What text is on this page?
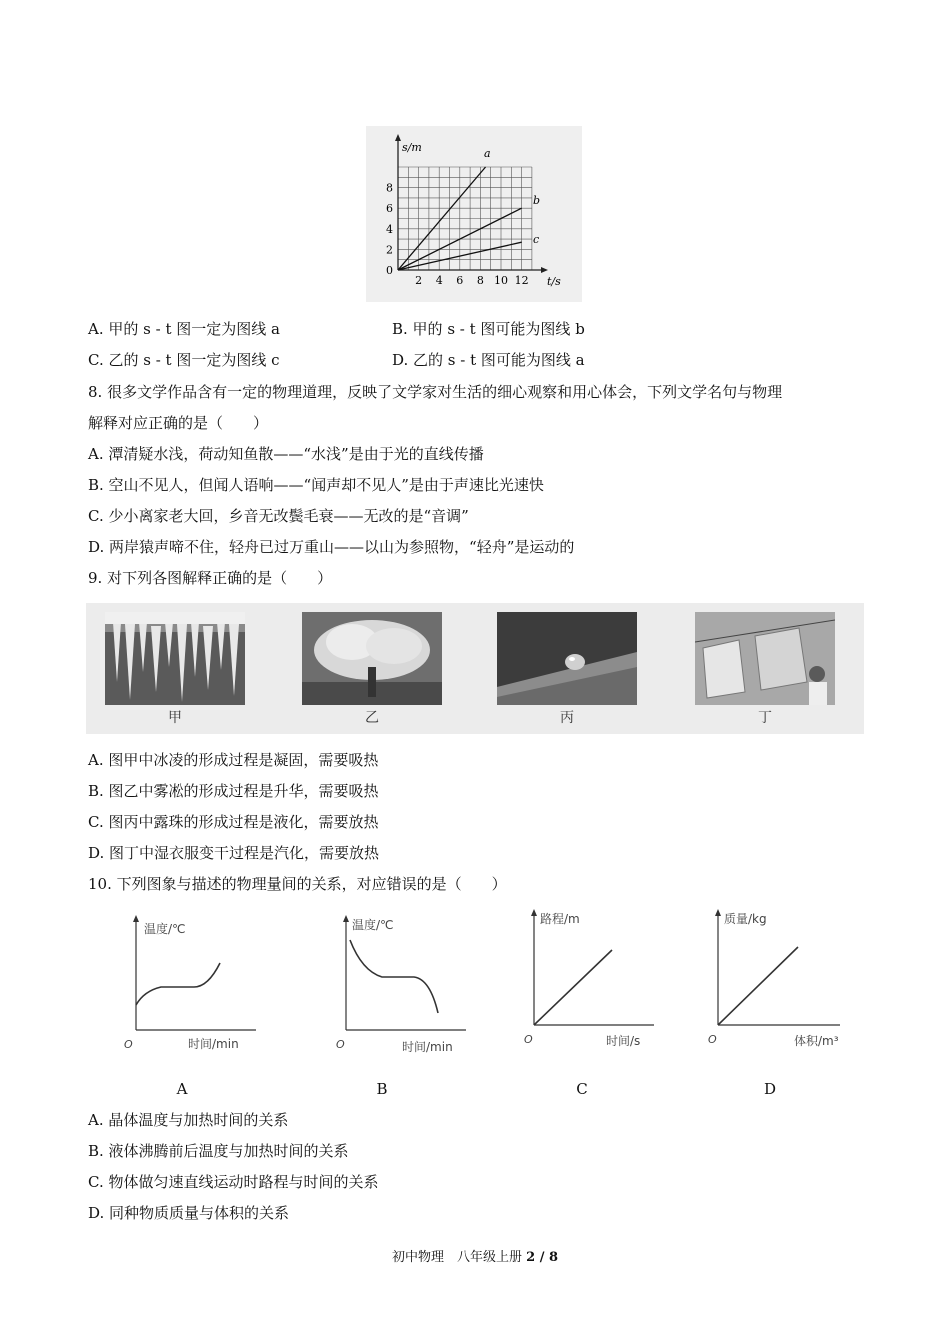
s/m
t/s
0
2
4
6
8
2 4 6 8 10 12
a
b
c
A. 甲的 s - t 图一定为图线 a	B. 甲的 s - t 图可能为图线 b
C. 乙的 s - t 图一定为图线 c	D. 乙的 s - t 图可能为图线 a
8. 很多文学作品含有一定的物理道理，反映了文学家对生活的细心观察和用心体会，下列文学名句与物理
解释对应正确的是（　　）
A. 潭清疑水浅，荷动知鱼散——“水浅”是由于光的直线传播
B. 空山不见人，但闻人语响——“闻声却不见人”是由于声速比光速快
C. 少小离家老大回，乡音无改鬓毛衰——无改的是“音调”
D. 两岸猿声啼不住，轻舟已过万重山——以山为参照物，“轻舟”是运动的
9. 对下列各图解释正确的是（　　）
甲	乙	丙	丁
A. 图甲中冰凌的形成过程是凝固，需要吸热
B. 图乙中雾凇的形成过程是升华，需要吸热
C. 图丙中露珠的形成过程是液化，需要放热
D. 图丁中湿衣服变干过程是汽化，需要放热
10. 下列图象与描述的物理量间的关系，对应错误的是（　　）
温度/℃
O	时间/min
温度/℃
O	时间/min
路程/m
O	时间/s
质量/kg
O	体积/m³
A	B	C	D
A. 晶体温度与加热时间的关系
B. 液体沸腾前后温度与加热时间的关系
C. 物体做匀速直线运动时路程与时间的关系
D. 同种物质质量与体积的关系
初中物理　八年级上册 2 / 8
